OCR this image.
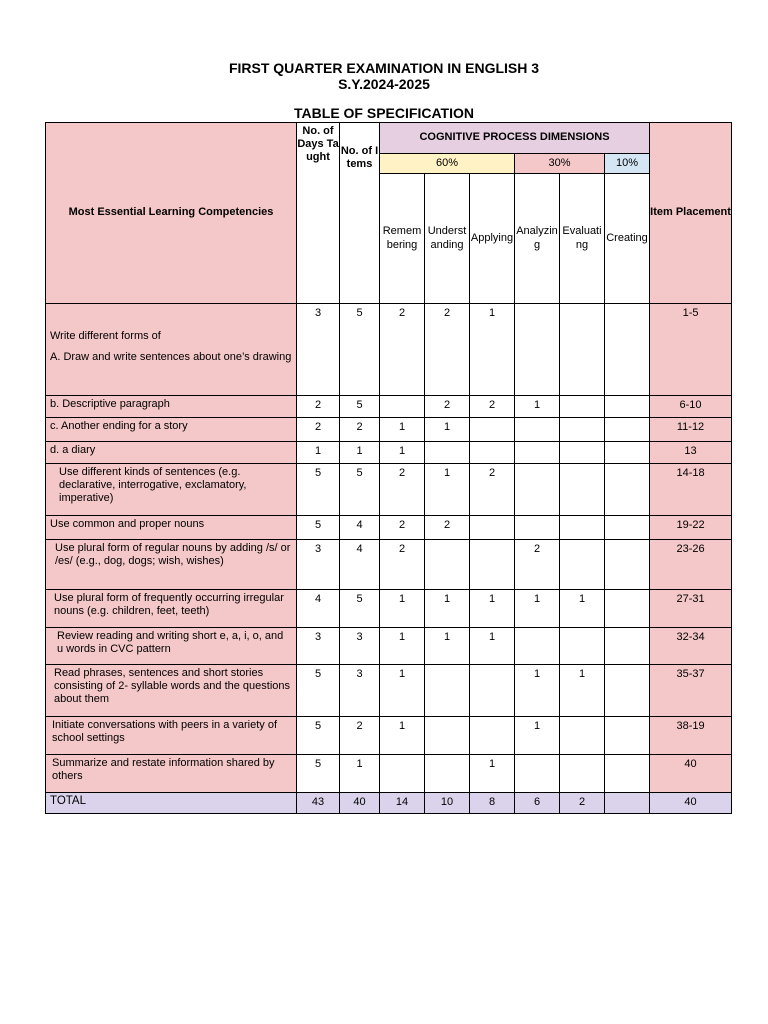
FIRST QUARTER EXAMINATION IN ENGLISH 3
S.Y.2024-2025
TABLE OF SPECIFICATION
Most Essential Learning Competencies	No. of Days Taught	No. of Items	COGNITIVE PROCESS DIMENSIONS						Item Placement
			60%			30%		10%	
			Remembering	Understanding	Applying	Analyzing	Evaluating	Creating	

Write different forms of
A. Draw and write sentences about one’s drawing	3	5	2	2	1				1-5
b. Descriptive paragraph	2	5		2	2	1			6-10
c. Another ending for a story	2	2	1	1					11-12
d. a diary	1	1	1						13
Use different kinds of sentences (e.g. declarative, interrogative, exclamatory, imperative)	5	5	2	1	2				14-18
Use common and proper nouns	5	4	2	2					19-22
Use plural form of regular nouns by adding /s/ or /es/ (e.g., dog, dogs; wish, wishes)	3	4	2			2			23-26
Use plural form of frequently occurring irregular nouns (e.g. children, feet, teeth)	4	5	1	1	1	1	1		27-31
Review reading and writing short e, a, i, o, and u words in CVC pattern	3	3	1	1	1				32-34
Read phrases, sentences and short stories consisting of 2- syllable words and the questions about them	5	3	1			1	1		35-37
Initiate conversations with peers in a variety of school settings	5	2	1			1			38-19
Summarize and restate information shared by others	5	1			1				40
TOTAL	43	40	14	10	8	6	2		40
